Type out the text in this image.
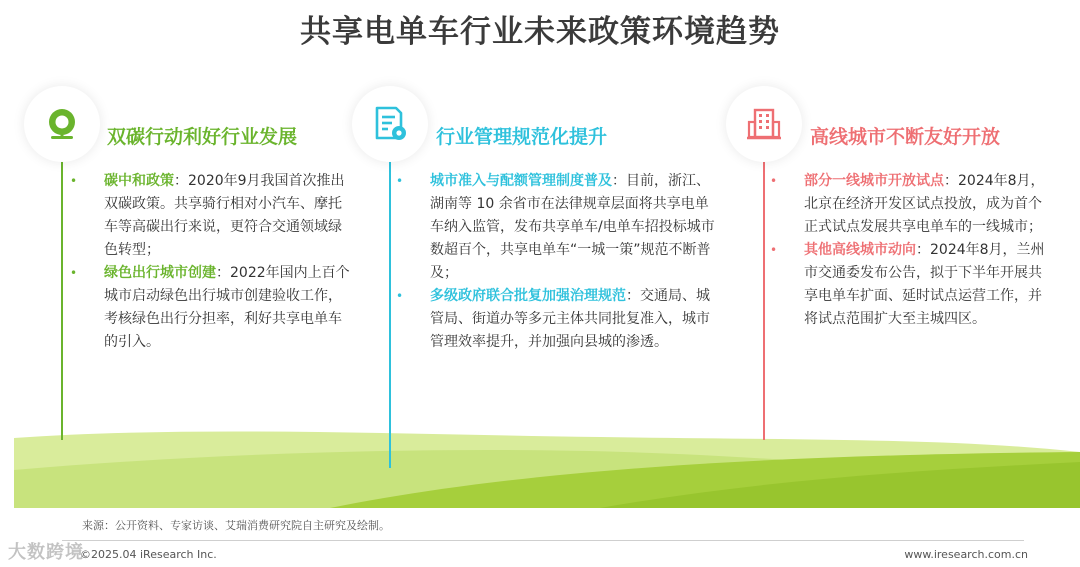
共享电单车行业未来政策环境趋势
双碳行动利好行业发展
• 碳中和政策：2020年9月我国首次推出双碳政策。共享骑行相对小汽车、摩托车等高碳出行来说，更符合交通领域绿色转型；
• 绿色出行城市创建：2022年国内上百个城市启动绿色出行城市创建验收工作，考核绿色出行分担率，利好共享电单车的引入。
行业管理规范化提升
• 城市准入与配额管理制度普及：目前，浙江、湖南等 10 余省市在法律规章层面将共享电单车纳入监管，发布共享单车/电单车招投标城市数超百个，共享电单车“一城一策”规范不断普及；
• 多级政府联合批复加强治理规范：交通局、城管局、街道办等多元主体共同批复准入，城市管理效率提升，并加强向县城的渗透。
高线城市不断友好开放
• 部分一线城市开放试点：2024年8月，北京在经济开发区试点投放，成为首个正式试点发展共享电单车的一线城市；
• 其他高线城市动向：2024年8月，兰州市交通委发布公告，拟于下半年开展共享电单车扩面、延时试点运营工作，并将试点范围扩大至主城四区。
来源：公开资料、专家访谈、艾瑞消费研究院自主研究及绘制。
©2025.04 iResearch Inc.	www.iresearch.com.cn
大数跨境
